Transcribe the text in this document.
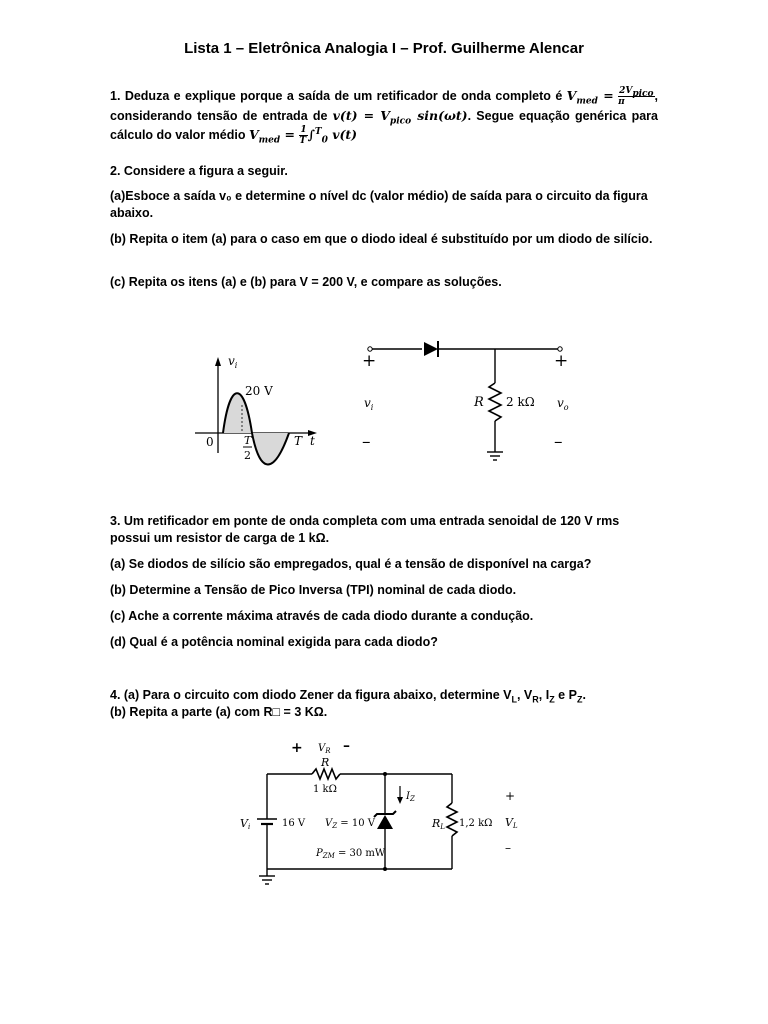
Lista 1 – Eletrônica Analogia I – Prof. Guilherme Alencar
1. Deduza e explique porque a saída de um retificador de onda completo é $V_{med} = \frac{2V_{pico}}{\pi}$ , considerando tensão de entrada de $v(t) = V_{pico}$ sin(ωt). Segue equação genérica para cálculo do valor médio $V_{med} = \frac{1}{T} \int^T_0$ v(t)
2. Considere a figura a seguir.
(a)Esboce a saída v₀ e determine o nível dc (valor médio) de saída para o circuito da figura abaixo.
(b) Repita o item (a) para o caso em que o diodo ideal é substituído por um diodo de silício.
(c) Repita os itens (a) e (b) para V = 200 V, e compare as soluções.
$v_i$
20 V
0	T
2
T t
+	+
$v_i$	$v_o$
R 2 kΩ
–	–
3. Um retificador em ponte de onda completa com uma entrada senoidal de 120 V rms possui um resistor de carga de 1 kΩ.
(a) Se diodos de silício são empregados, qual é a tensão de disponível na carga?
(b) Determine a Tensão de Pico Inversa (TPI) nominal de cada diodo.
(c) Ache a corrente máxima através de cada diodo durante a condução.
(d) Qual é a potência nominal exigida para cada diodo?
4. (a) Para o circuito com diodo Zener da figura abaixo, determine $V_L$, $V_R$, $I_Z$ e $P_Z$.
(b) Repita a parte (a) com R□ = 3 KΩ.
+ $V_R$ –
R
1 kΩ
$I_Z$
Vi	16 V $V_Z = 10$ V
$P_{ZM} = 30$ mW
RL 1,2 kΩ
+
VL
–
